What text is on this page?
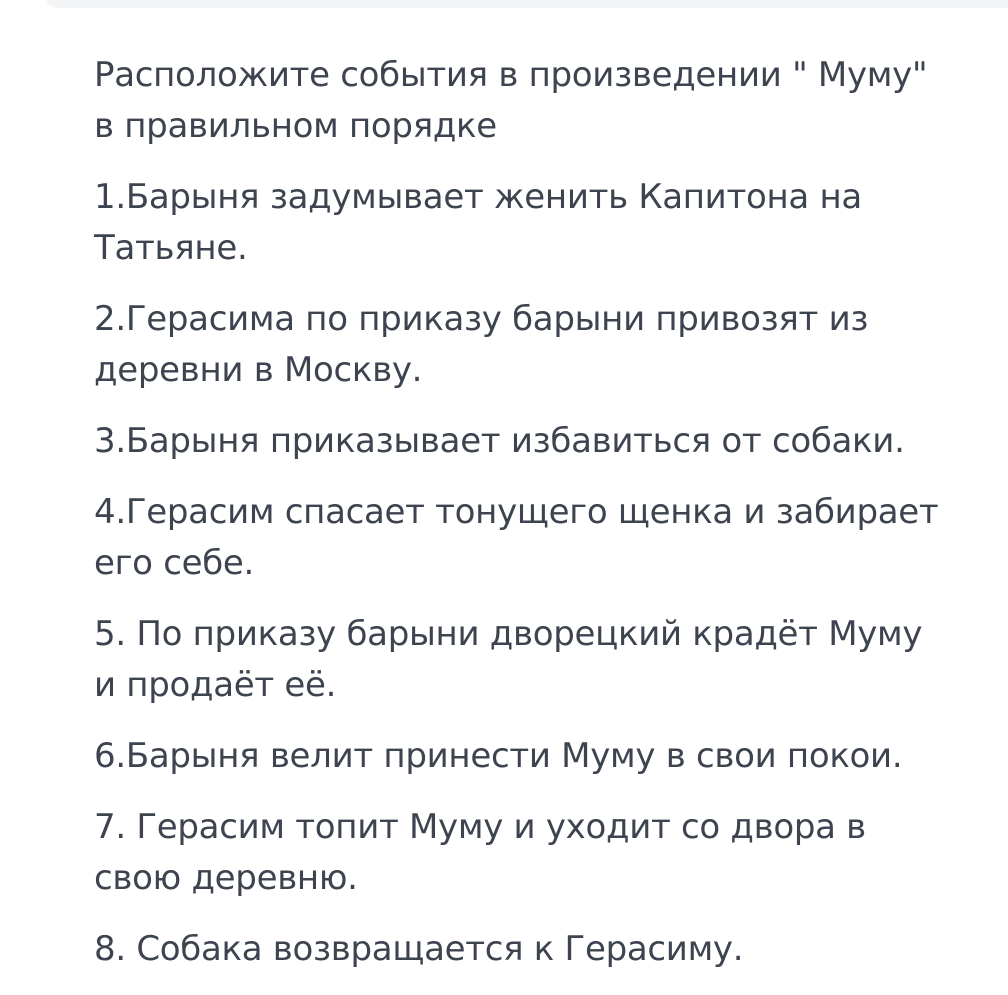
Расположите события в произведении " Муму"
в правильном порядке

1.Барыня задумывает женить Капитона на
Татьяне.
2.Герасима по приказу барыни привозят из
деревни в Москву.
3.Барыня приказывает избавиться от собаки.
4.Герасим спасает тонущего щенка и забирает
его себе.
5. По приказу барыни дворецкий крадёт Муму
и продаёт её.
6.Барыня велит принести Муму в свои покои.
7. Герасим топит Муму и уходит со двора в
свою деревню.
8. Собака возвращается к Герасиму.
